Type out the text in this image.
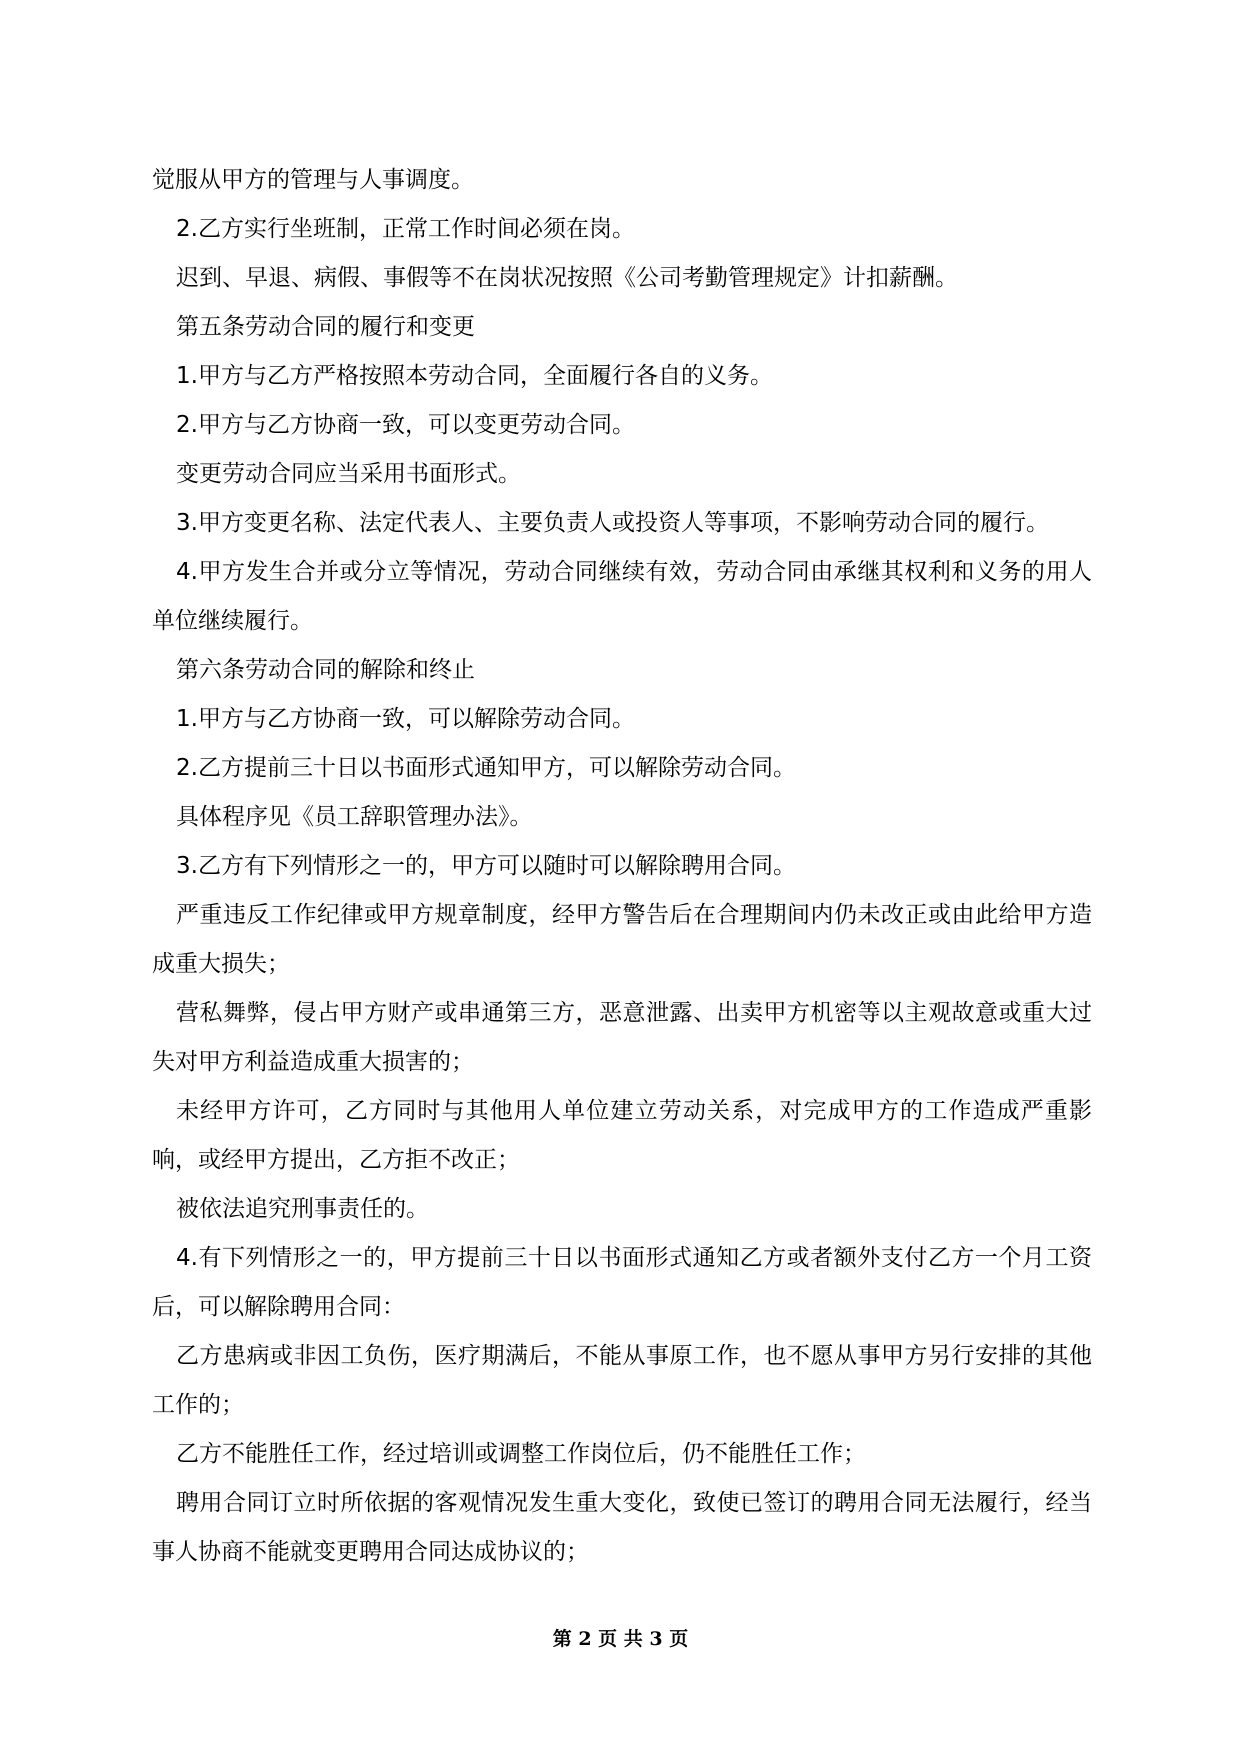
觉服从甲方的管理与人事调度。

2.乙方实行坐班制，正常工作时间必须在岗。

迟到、早退、病假、事假等不在岗状况按照《公司考勤管理规定》计扣薪酬。

第五条劳动合同的履行和变更

1.甲方与乙方严格按照本劳动合同，全面履行各自的义务。

2.甲方与乙方协商一致，可以变更劳动合同。

变更劳动合同应当采用书面形式。

3.甲方变更名称、法定代表人、主要负责人或投资人等事项，不影响劳动合同的履行。

4.甲方发生合并或分立等情况，劳动合同继续有效，劳动合同由承继其权利和义务的用人单位继续履行。

第六条劳动合同的解除和终止

1.甲方与乙方协商一致，可以解除劳动合同。

2.乙方提前三十日以书面形式通知甲方，可以解除劳动合同。

具体程序见《员工辞职管理办法》。

3.乙方有下列情形之一的，甲方可以随时可以解除聘用合同。

严重违反工作纪律或甲方规章制度，经甲方警告后在合理期间内仍未改正或由此给甲方造成重大损失；

营私舞弊，侵占甲方财产或串通第三方，恶意泄露、出卖甲方机密等以主观故意或重大过失对甲方利益造成重大损害的；

未经甲方许可，乙方同时与其他用人单位建立劳动关系，对完成甲方的工作造成严重影响，或经甲方提出，乙方拒不改正；

被依法追究刑事责任的。

4.有下列情形之一的，甲方提前三十日以书面形式通知乙方或者额外支付乙方一个月工资后，可以解除聘用合同：

乙方患病或非因工负伤，医疗期满后，不能从事原工作，也不愿从事甲方另行安排的其他工作的；

乙方不能胜任工作，经过培训或调整工作岗位后，仍不能胜任工作；

聘用合同订立时所依据的客观情况发生重大变化，致使已签订的聘用合同无法履行，经当事人协商不能就变更聘用合同达成协议的；

第 2 页 共 3 页
